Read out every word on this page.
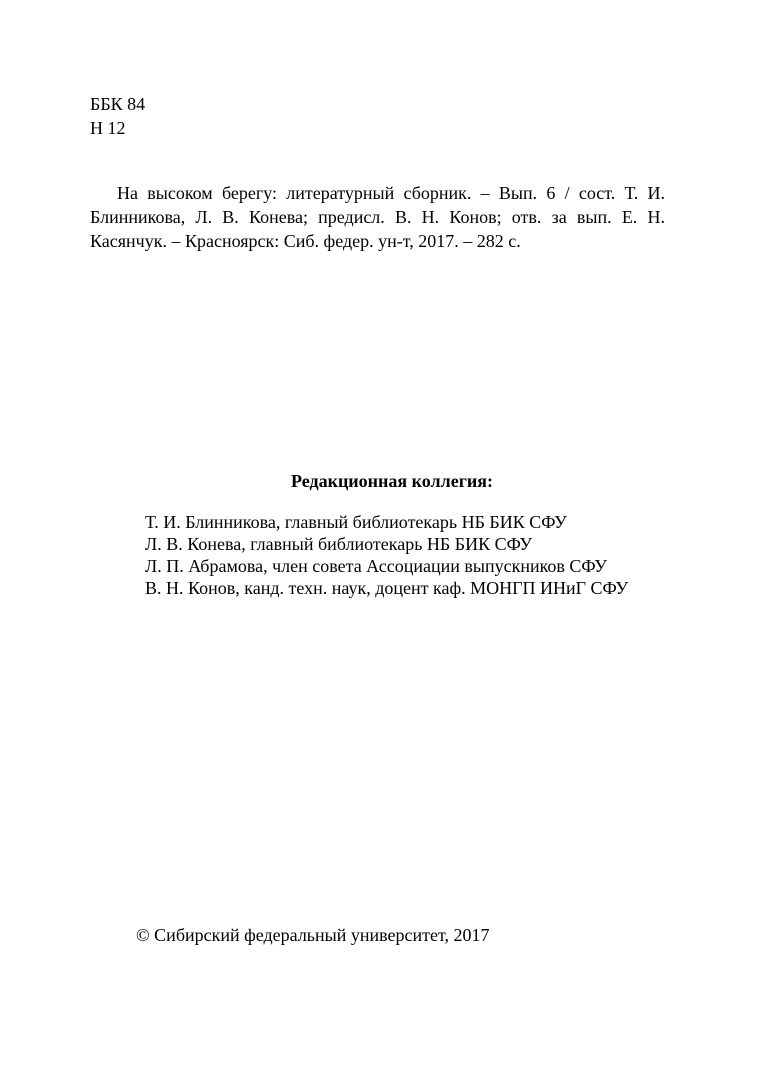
ББК 84
Н 12

На высоком берегу: литературный сборник. – Вып. 6 / сост. Т. И. Блинникова, Л. В. Конева; предисл. В. Н. Конов; отв. за вып. Е. Н. Касянчук. – Красноярск: Сиб. федер. ун-т, 2017. – 282 с.

Редакционная коллегия:
Т. И. Блинникова, главный библиотекарь НБ БИК СФУ
Л. В. Конева, главный библиотекарь НБ БИК СФУ
Л. П. Абрамова, член совета Ассоциации выпускников СФУ
В. Н. Конов, канд. техн. наук, доцент каф. МОНГП ИНиГ СФУ
© Сибирский федеральный университет, 2017
